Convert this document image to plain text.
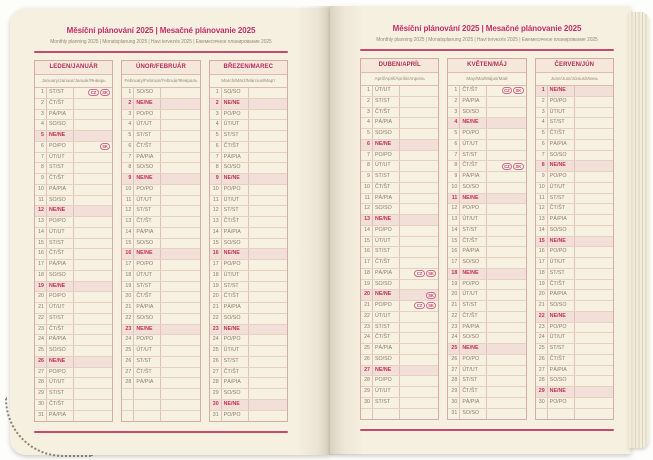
Měsíční plánování 2025 | Mesačné plánovanie 2025
Monthly planning 2025 | Monatsplanung 2025 | Havi tervezés 2025 | Ежемесячное планирование 2025
LEDEN/JANUÁR
January/Januar/Január/Январь
1 ST/ST	CZ	SK
2 ČT/ŠT
3 PÁ/PIA
4 SO/SO
5 NE/NE
6 PO/PO	SK
7 ÚT/UT
8 ST/ST
9 ČT/ŠT
10 PÁ/PIA
11 SO/SO
12 NE/NE
13 PO/PO
14 ÚT/UT
15 ST/ST
16 ČT/ŠT
17 PÁ/PIA
18 SO/SO
19 NE/NE
20 PO/PO
21 ÚT/UT
22 ST/ST
23 ČT/ŠT
24 PÁ/PIA
25 SO/SO
26 NE/NE
27 PO/PO
28 ÚT/UT
29 ST/ST
30 ČT/ŠT
31 PÁ/PIA
ÚNOR/FEBRUÁR
February/Februar/Február/Февраль
1 SO/SO
2 NE/NE
3 PO/PO
4 ÚT/UT
5 ST/ST
6 ČT/ŠT
7 PÁ/PIA
8 SO/SO
9 NE/NE
10 PO/PO
11 ÚT/UT
12 ST/ST
13 ČT/ŠT
14 PÁ/PIA
15 SO/SO
16 NE/NE
17 PO/PO
18 ÚT/UT
19 ST/ST
20 ČT/ŠT
21 PÁ/PIA
22 SO/SO
23 NE/NE
24 PO/PO
25 ÚT/UT
26 ST/ST
27 ČT/ŠT
28 PÁ/PIA
BŘEZEN/MAREC
March/März/Március/Март
1 SO/SO
2 NE/NE
3 PO/PO
4 ÚT/UT
5 ST/ST
6 ČT/ŠT
7 PÁ/PIA
8 SO/SO
9 NE/NE
10 PO/PO
11 ÚT/UT
12 ST/ST
13 ČT/ŠT
14 PÁ/PIA
15 SO/SO
16 NE/NE
17 PO/PO
18 ÚT/UT
19 ST/ST
20 ČT/ŠT
21 PÁ/PIA
22 SO/SO
23 NE/NE
24 PO/PO
25 ÚT/UT
26 ST/ST
27 ČT/ŠT
28 PÁ/PIA
29 SO/SO
30 NE/NE
31 PO/PO
Měsíční plánování 2025 | Mesačné plánovanie 2025
Monthly planning 2025 | Monatsplanung 2025 | Havi tervezés 2025 | Ежемесячное планирование 2025
DUBEN/APRÍL
April/April/Április/Апрель
1 ÚT/UT
2 ST/ST
3 ČT/ŠT
4 PÁ/PIA
5 SO/SO
6 NE/NE
7 PO/PO
8 ÚT/UT
9 ST/ST
10 ČT/ŠT
11 PÁ/PIA
12 SO/SO
13 NE/NE
14 PO/PO
15 ÚT/UT
16 ST/ST
17 ČT/ŠT
18 PÁ/PIA	CZ	SK
19 SO/SO
20 NE/NE	SK
21 PO/PO	CZ	SK
22 ÚT/UT
23 ST/ST
24 ČT/ŠT
25 PÁ/PIA
26 SO/SO
27 NE/NE
28 PO/PO
29 ÚT/UT
30 ST/ST
KVĚTEN/MÁJ
May/Mai/Május/Май
1 ČT/ŠT	CZ	SK
2 PÁ/PIA
3 SO/SO
4 NE/NE
5 PO/PO
6 ÚT/UT
7 ST/ST
8 ČT/ŠT	CZ	SK
9 PÁ/PIA
10 SO/SO
11 NE/NE
12 PO/PO
13 ÚT/UT
14 ST/ST
15 ČT/ŠT
16 PÁ/PIA
17 SO/SO
18 NE/NE
19 PO/PO
20 ÚT/UT
21 ST/ST
22 ČT/ŠT
23 PÁ/PIA
24 SO/SO
25 NE/NE
26 PO/PO
27 ÚT/UT
28 ST/ST
29 ČT/ŠT
30 PÁ/PIA
31 SO/SO
ČERVEN/JÚN
June/Juni/Június/Июнь
1 NE/NE
2 PO/PO
3 ÚT/UT
4 ST/ST
5 ČT/ŠT
6 PÁ/PIA
7 SO/SO
8 NE/NE
9 PO/PO
10 ÚT/UT
11 ST/ST
12 ČT/ŠT
13 PÁ/PIA
14 SO/SO
15 NE/NE
16 PO/PO
17 ÚT/UT
18 ST/ST
19 ČT/ŠT
20 PÁ/PIA
21 SO/SO
22 NE/NE
23 PO/PO
24 ÚT/UT
25 ST/ST
26 ČT/ŠT
27 PÁ/PIA
28 SO/SO
29 NE/NE
30 PO/PO
